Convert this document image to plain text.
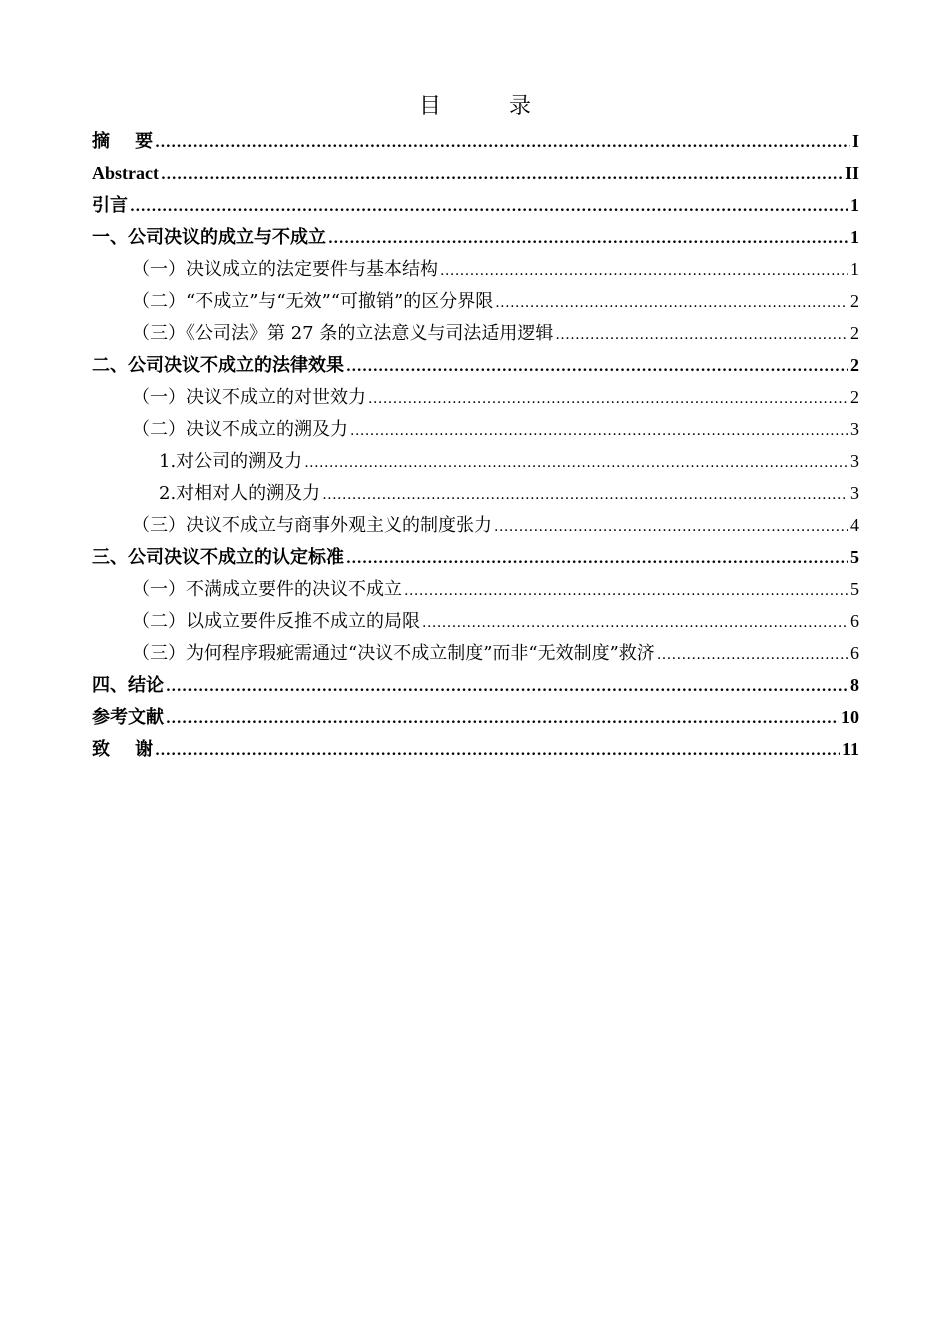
目  录
摘    要 .....	I
Abstract .....	II
引言 .....	1
一、公司决议的成立与不成立 .....	1
（一）决议成立的法定要件与基本结构 .....	1
（二）“不成立”与“无效”“可撤销”的区分界限 .....	2
（三）《公司法》第 27 条的立法意义与司法适用逻辑 .....	2
二、公司决议不成立的法律效果 .....	2
（一）决议不成立的对世效力 .....	2
（二）决议不成立的溯及力 .....	3
1.对公司的溯及力 .....	3
2.对相对人的溯及力 .....	3
（三）决议不成立与商事外观主义的制度张力 .....	4
三、公司决议不成立的认定标准 .....	5
（一）不满成立要件的决议不成立 .....	5
（二）以成立要件反推不成立的局限 .....	6
（三）为何程序瑕疵需通过“决议不成立制度”而非“无效制度”救济 .....	6
四、结论 .....	8
参考文献 .....	10
致    谢 .....	11
